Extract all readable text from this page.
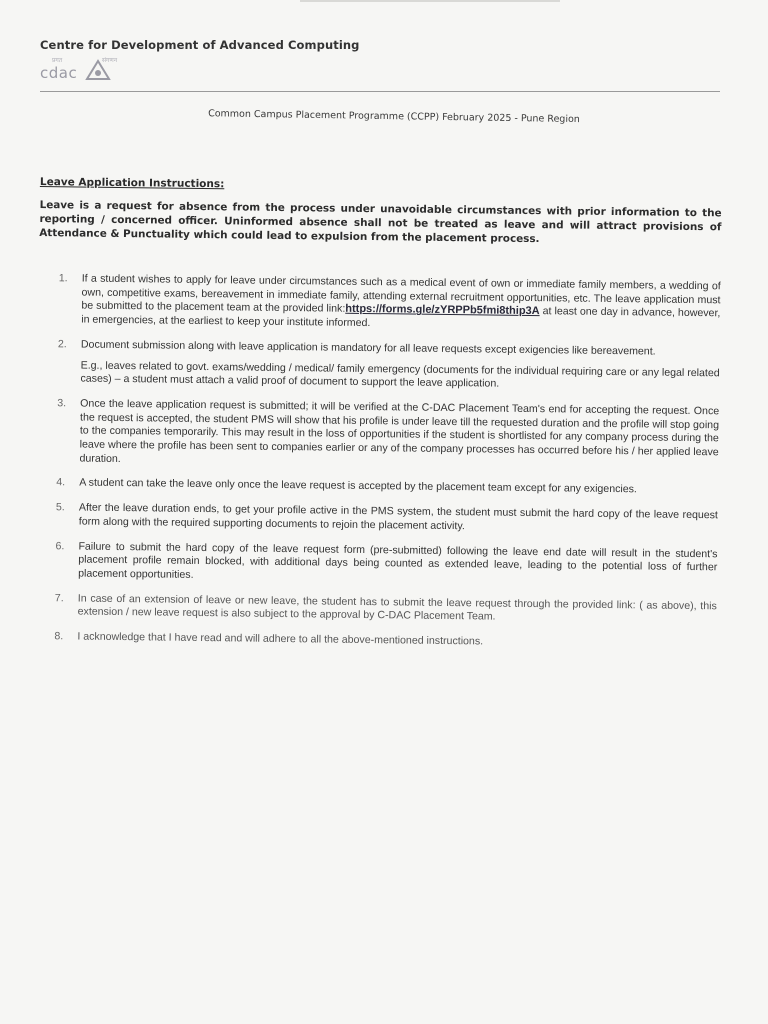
Centre for Development of Advanced Computing
प्रगत	संगणन
cdac
Common Campus Placement Programme (CCPP) February 2025 - Pune Region
Leave Application Instructions:

Leave is a request for absence from the process under unavoidable circumstances with prior information to the reporting / concerned officer. Uninformed absence shall not be treated as leave and will attract provisions of Attendance & Punctuality which could lead to expulsion from the placement process.

1. If a student wishes to apply for leave under circumstances such as a medical event of own or immediate family members, a wedding of own, competitive exams, bereavement in immediate family, attending external recruitment opportunities, etc. The leave application must be submitted to the placement team at the provided link:https://forms.gle/zYRPPb5fmi8thip3A at least one day in advance, however, in emergencies, at the earliest to keep your institute informed.

2. Document submission along with leave application is mandatory for all leave requests except exigencies like bereavement.

E.g., leaves related to govt. exams/wedding / medical/ family emergency (documents for the individual requiring care or any legal related cases) – a student must attach a valid proof of document to support the leave application.

3. Once the leave application request is submitted; it will be verified at the C-DAC Placement Team's end for accepting the request. Once the request is accepted, the student PMS will show that his profile is under leave till the requested duration and the profile will stop going to the companies temporarily. This may result in the loss of opportunities if the student is shortlisted for any company process during the leave where the profile has been sent to companies earlier or any of the company processes has occurred before his / her applied leave duration.

4. A student can take the leave only once the leave request is accepted by the placement team except for any exigencies.

5. After the leave duration ends, to get your profile active in the PMS system, the student must submit the hard copy of the leave request form along with the required supporting documents to rejoin the placement activity.

6. Failure to submit the hard copy of the leave request form (pre-submitted) following the leave end date will result in the student's placement profile remain blocked, with additional days being counted as extended leave, leading to the potential loss of further placement opportunities.

7. In case of an extension of leave or new leave, the student has to submit the leave request through the provided link: ( as above), this extension / new leave request is also subject to the approval by C-DAC Placement Team.

8. I acknowledge that I have read and will adhere to all the above-mentioned instructions.
